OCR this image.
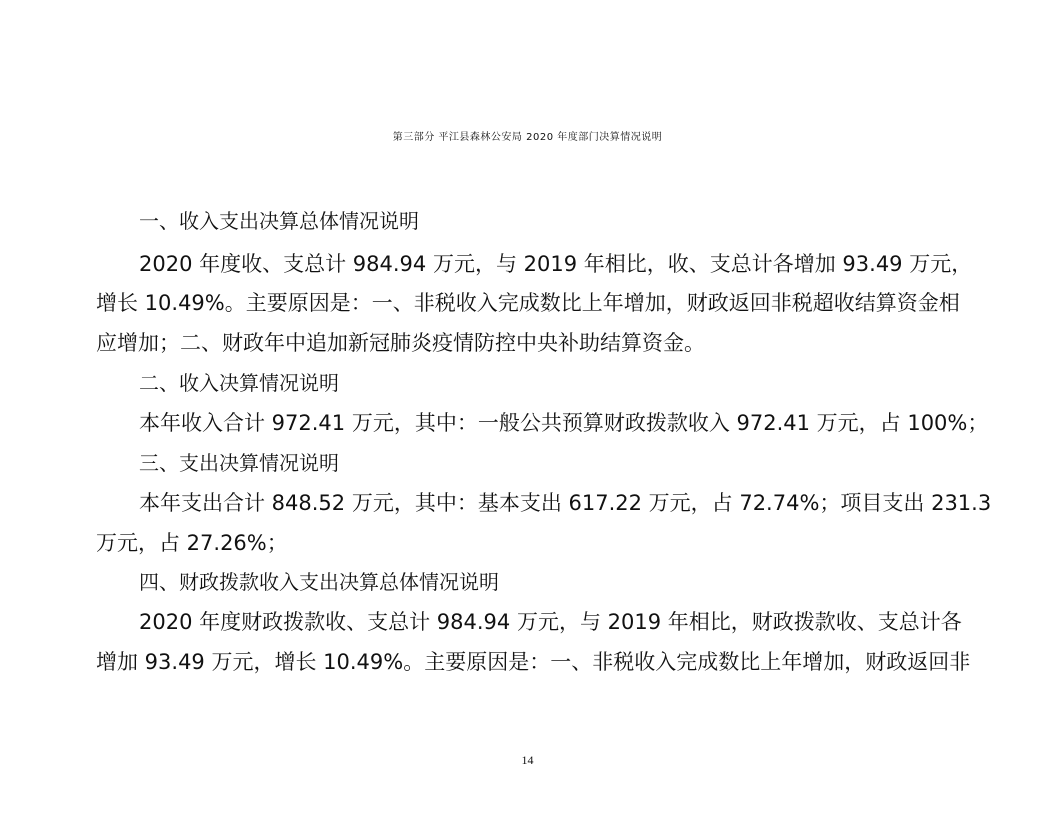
第三部分 平江县森林公安局 2020 年度部门决算情况说明
一、收入支出决算总体情况说明
2020 年度收、支总计 984.94 万元，与 2019 年相比，收、支总计各增加 93.49 万元，
增长 10.49%。主要原因是：一、非税收入完成数比上年增加，财政返回非税超收结算资金相
应增加；二、财政年中追加新冠肺炎疫情防控中央补助结算资金。
二、收入决算情况说明
本年收入合计 972.41 万元，其中：一般公共预算财政拨款收入 972.41 万元，占 100%；
三、支出决算情况说明
本年支出合计 848.52 万元，其中：基本支出 617.22 万元，占 72.74%；项目支出 231.3
万元，占 27.26%；
四、财政拨款收入支出决算总体情况说明
2020 年度财政拨款收、支总计 984.94 万元，与 2019 年相比，财政拨款收、支总计各
增加 93.49 万元，增长 10.49%。主要原因是：一、非税收入完成数比上年增加，财政返回非
14
